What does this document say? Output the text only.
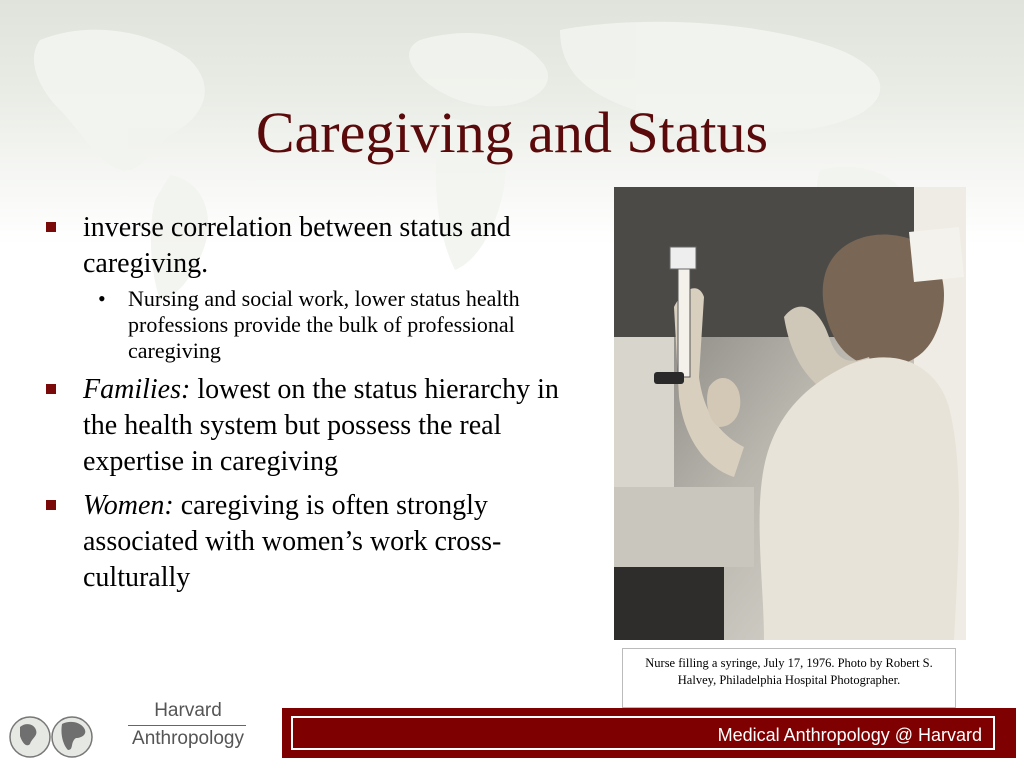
Caregiving and Status
inverse correlation between status and caregiving.
• Nursing and social work, lower status health professions provide the bulk of professional caregiving
Families: lowest on the status hierarchy in the health system but possess the real expertise in caregiving
Women: caregiving is often strongly associated with women’s work cross-culturally
Nurse filling a syringe, July 17, 1976. Photo by Robert S. Halvey, Philadelphia Hospital Photographer.
Harvard
Anthropology	Medical Anthropology @ Harvard
